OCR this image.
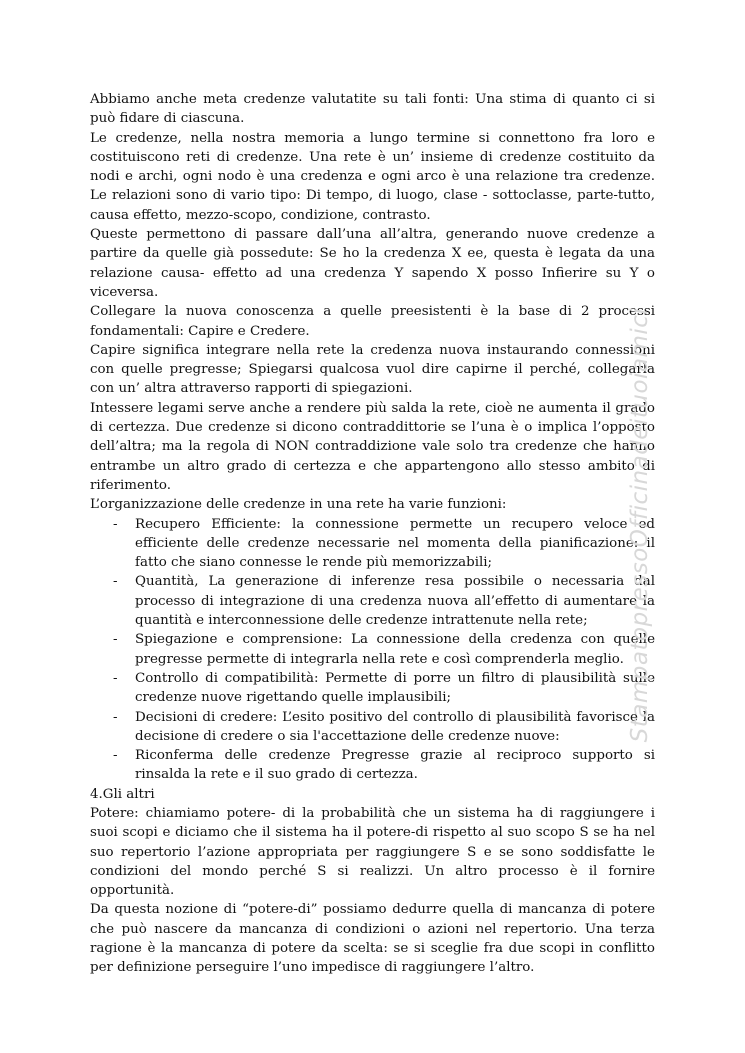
Abbiamo anche meta credenze valutatite su tali fonti: Una stima di quanto ci si può fidare di ciascuna.

Le credenze, nella nostra memoria a lungo termine si connettono fra loro e costituiscono reti di credenze. Una rete è un’ insieme di credenze costituito da nodi e archi, ogni nodo è una credenza e ogni arco è una relazione tra credenze. Le relazioni sono di vario tipo: Di tempo, di luogo, clase - sottoclasse, parte-tutto, causa effetto, mezzo-scopo, condizione, contrasto.

Queste permettono di passare dall’una all’altra, generando nuove credenze a partire da quelle già possedute: Se ho la credenza X ee, questa è legata da una relazione causa- effetto ad una credenza Y sapendo X posso Infierire su Y o viceversa.

Collegare la nuova conoscenza a quelle preesistenti è la base di 2 processi fondamentali: Capire e Credere.

Capire significa integrare nella rete la credenza nuova instaurando connessioni con quelle pregresse; Spiegarsi qualcosa vuol dire capirne il perché, collegarla con un’ altra attraverso rapporti di spiegazioni.

Intessere legami serve anche a rendere più salda la rete, cioè ne aumenta il grado di certezza. Due credenze si dicono contraddittorie se l’una è o implica l’opposto dell’altra; ma la regola di NON contraddizione vale solo tra credenze che hanno entrambe un altro grado di certezza e che appartengono allo stesso ambito di riferimento.

L’organizzazione delle credenze in una rete ha varie funzioni:

- Recupero Efficiente: la connessione permette un recupero veloce ed efficiente delle credenze necessarie nel momenta della pianificazione: il fatto che siano connesse le rende più memorizzabili;
- Quantità, La generazione di inferenze resa possibile o necessaria dal processo di integrazione di una credenza nuova all’effetto di aumentare la quantità e interconnessione delle credenze intrattenute nella rete;
- Spiegazione e comprensione: La connessione della credenza con quelle pregresse permette di integrarla nella rete e così comprenderla meglio.
- Controllo di compatibilità: Permette di porre un filtro di plausibilità sulle credenze nuove rigettando quelle implausibili;
- Decisioni di credere: L’esito positivo del controllo di plausibilità favorisce la decisione di credere o sia l'accettazione delle credenze nuove:
- Riconferma delle credenze Pregresse grazie al reciproco supporto si rinsalda la rete e il suo grado di certezza.

4.Gli altri

Potere: chiamiamo potere- di la probabilità che un sistema ha di raggiungere i suoi scopi e diciamo che il sistema ha il potere-di rispetto al suo scopo S se ha nel suo repertorio l’azione appropriata per raggiungere S e se sono soddisfatte le condizioni del mondo perché S si realizzi. Un altro processo è il fornire opportunità.

Da questa nozione di “potere-di” possiamo dedurre quella di mancanza di potere che può nascere da mancanza di condizioni o azioni nel repertorio. Una terza ragione è la mancanza di potere da scelta: se si sceglie fra due scopi in conflitto per definizione perseguire l’uno impedisce di raggiungere l’altro.

StampatopressoOfficinadeituoiamici
